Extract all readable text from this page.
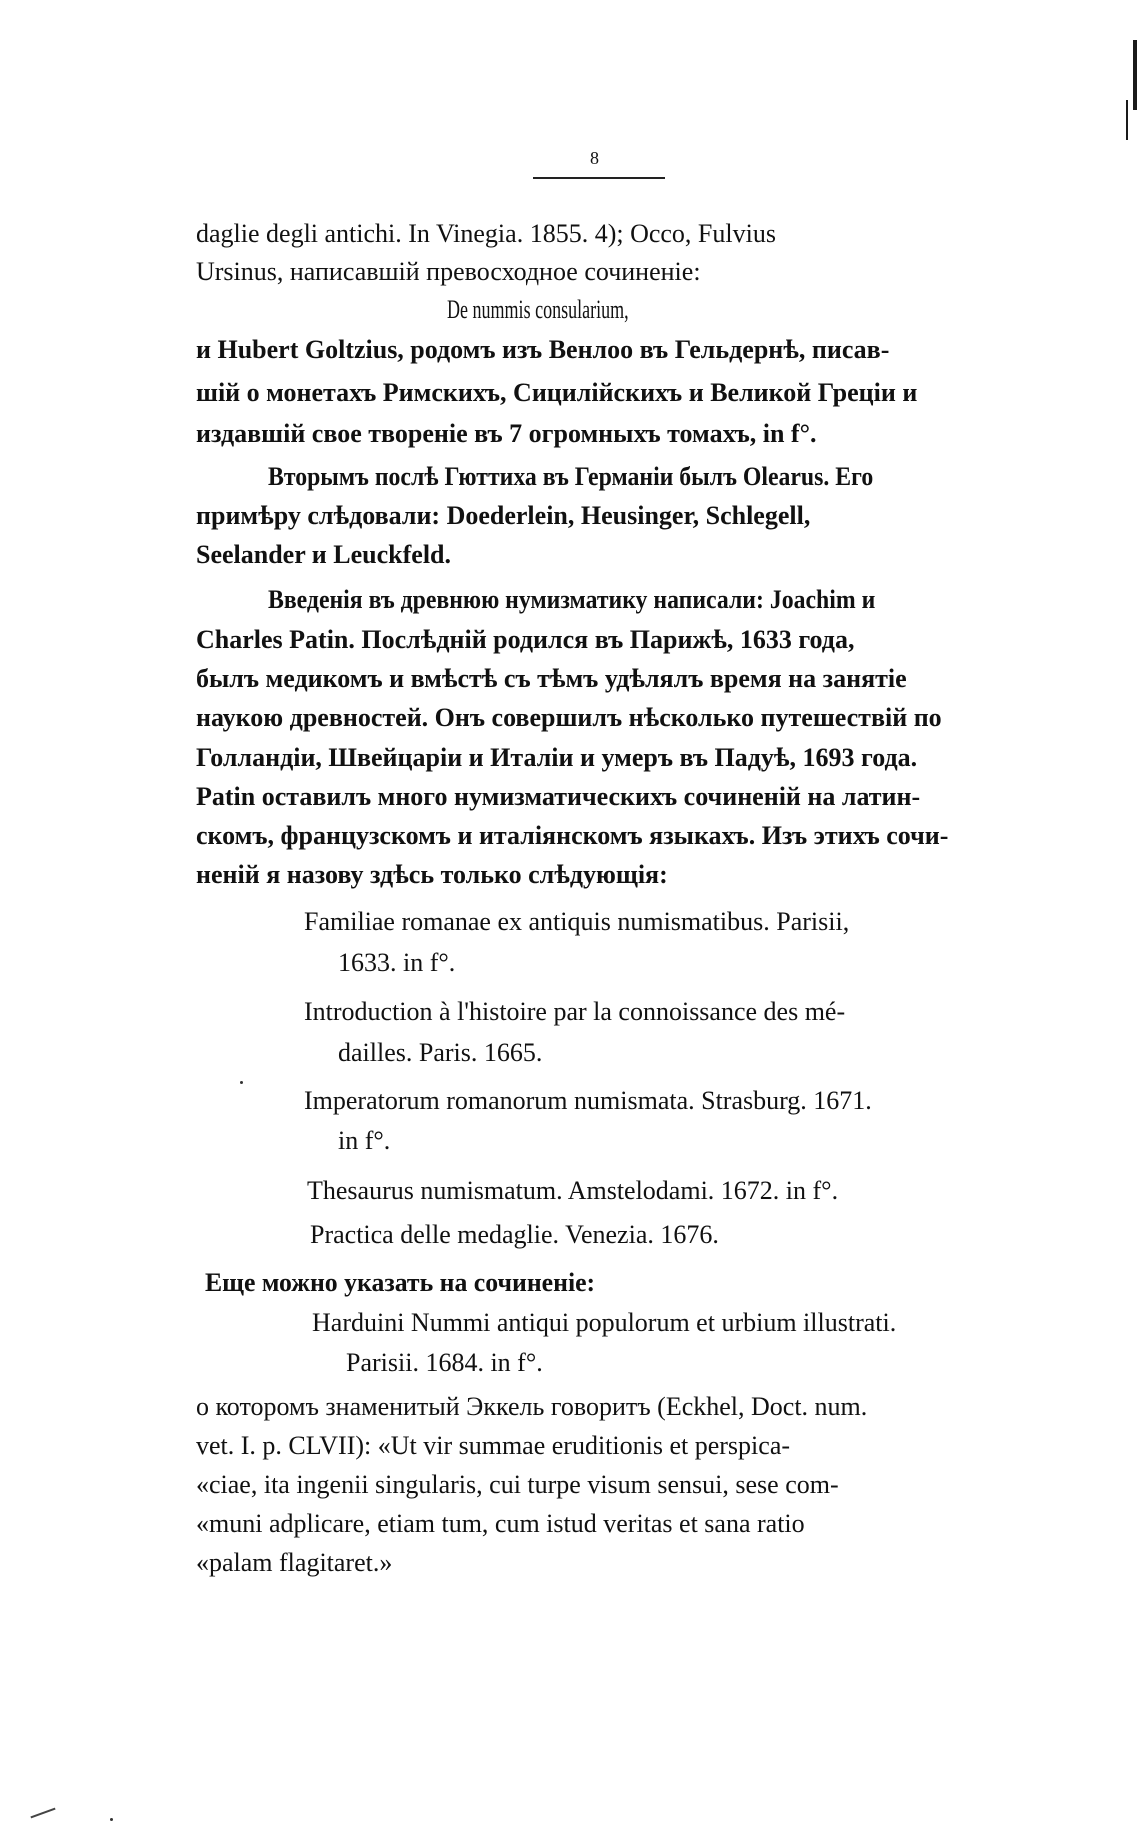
8
daglie degli antichi. In Vinegia. 1855. 4); Occo, Fulvius
Ursinus, написавшій превосходное сочиненіе:
De nummis consularium,
и Hubert Goltzius, родомъ изъ Венлоо въ Гельдернѣ, писав-
шій о монетахъ Римскихъ, Сицилійскихъ и Великой Греціи и
издавшій свое твореніе въ 7 огромныхъ томахъ, in f°.
Вторымъ послѣ Гюттиха въ Германіи былъ Olearus. Его
примѣру слѣдовали: Doederlein, Heusinger, Schlegell,
Seelander и Leuckfeld.
Введенія въ древнюю нумизматику написали: Joachim и
Charles Patin. Послѣдній родился въ Парижѣ, 1633 года,
былъ медикомъ и вмѣстѣ съ тѣмъ удѣлялъ время на занятіе
наукою древностей. Онъ совершилъ нѣсколько путешествій по
Голландіи, Швейцаріи и Италіи и умеръ въ Падуѣ, 1693 года.
Patin оставилъ много нумизматическихъ сочиненій на латин-
скомъ, французскомъ и италіянскомъ языкахъ. Изъ этихъ сочи-
неній я назову здѣсь только слѣдующія:
Familiae romanae ex antiquis numismatibus. Parisii,
1633. in f°.
Introduction à l'histoire par la connoissance des mé-
dailles. Paris. 1665.
Imperatorum romanorum numismata. Strasburg. 1671.
in f°.
Thesaurus numismatum. Amstelodami. 1672. in f°.
Practica delle medaglie. Venezia. 1676.
Еще можно указать на сочиненіе:
Harduini Nummi antiqui populorum et urbium illustrati.
Parisii. 1684. in f°.
о которомъ знаменитый Эккель говоритъ (Eckhel, Doct. num.
vet. I. p. CLVII): «Ut vir summae eruditionis et perspica-
«ciae, ita ingenii singularis, cui turpe visum sensui, sese com-
«muni adplicare, etiam tum, cum istud veritas et sana ratio
«palam flagitaret.»
